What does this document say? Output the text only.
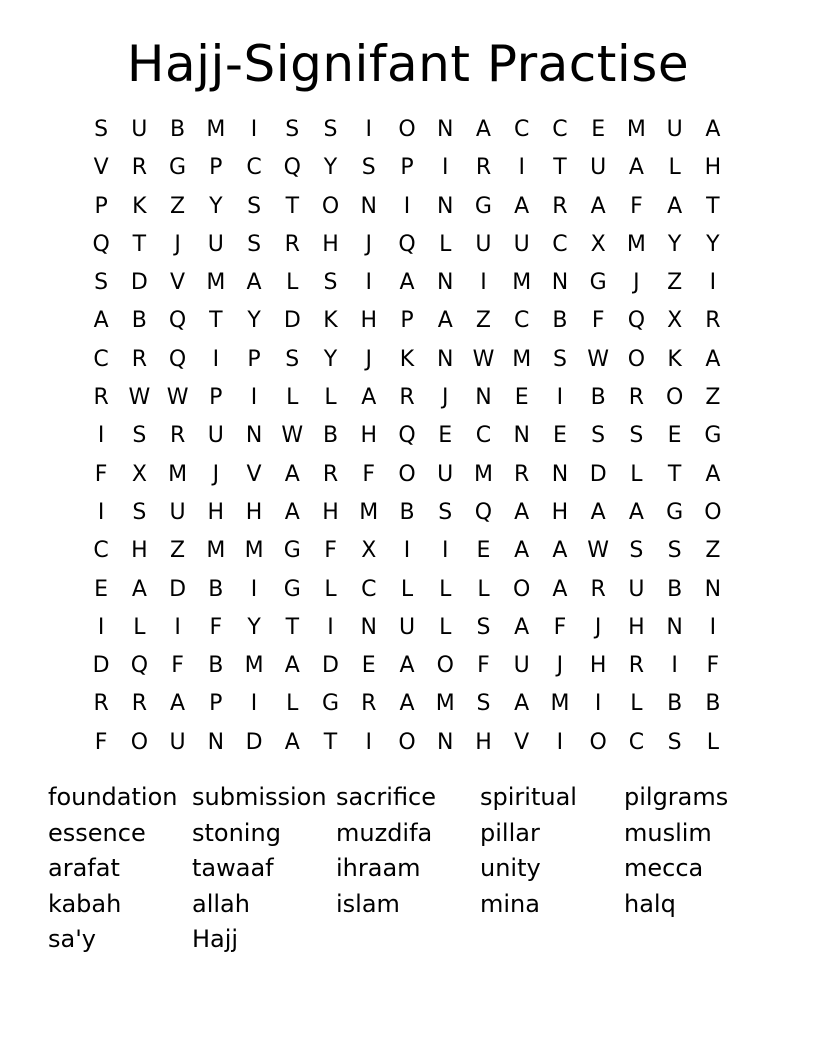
Hajj-Signifant Practise
S	U	B M	I	S	S	I	O N	A	C	C	E M U	A
V	R	G	P	C Q	Y	S	P	I	R	I	T	U	A	L	H
P	K	Z	Y	S	T	O N	I	N G	A	R	A	F	A	T
Q	T	J	U	S	R	H	J	Q	L	U	U	C	X M	Y	Y
S	D	V M A	L	S	I	A	N	I	M N G	J	Z	I
A	B	Q	T	Y	D	K	H	P	A	Z	C	B	F	Q	X	R
C	R Q	I	P	S	Y	J	K	N W M S W O	K	A
R W W P	I	L	L	A	R	J	N	E	I	B	R O	Z
I	S	R	U N W B	H Q	E	C	N	E	S	S	E	G
F	X M	J	V	A	R	F	O U M R	N D	L	T	A
I	S	U H H	A	H M B	S	Q	A	H	A	A	G O
C	H	Z M M G	F	X	I	I	E	A	A W S	S	Z
E	A	D	B	I	G	L	C	L	L	L	O	A	R	U	B	N
I	L	I	F	Y	T	I	N U	L	S	A	F	J	H N	I
D Q	F	B M A	D	E	A	O	F	U	J	H	R	I	F
R	R	A	P	I	L	G	R	A M S	A M	I	L	B	B
F	O U N D	A	T	I	O N H	V	I	O C	S	L
foundation submission sacrifice	spiritual	pilgrams
essence	stoning	muzdifa	pillar	muslim
arafat	tawaaf	ihraam	unity	mecca
kabah	allah	islam	mina	halq
sa'y	Hajj
